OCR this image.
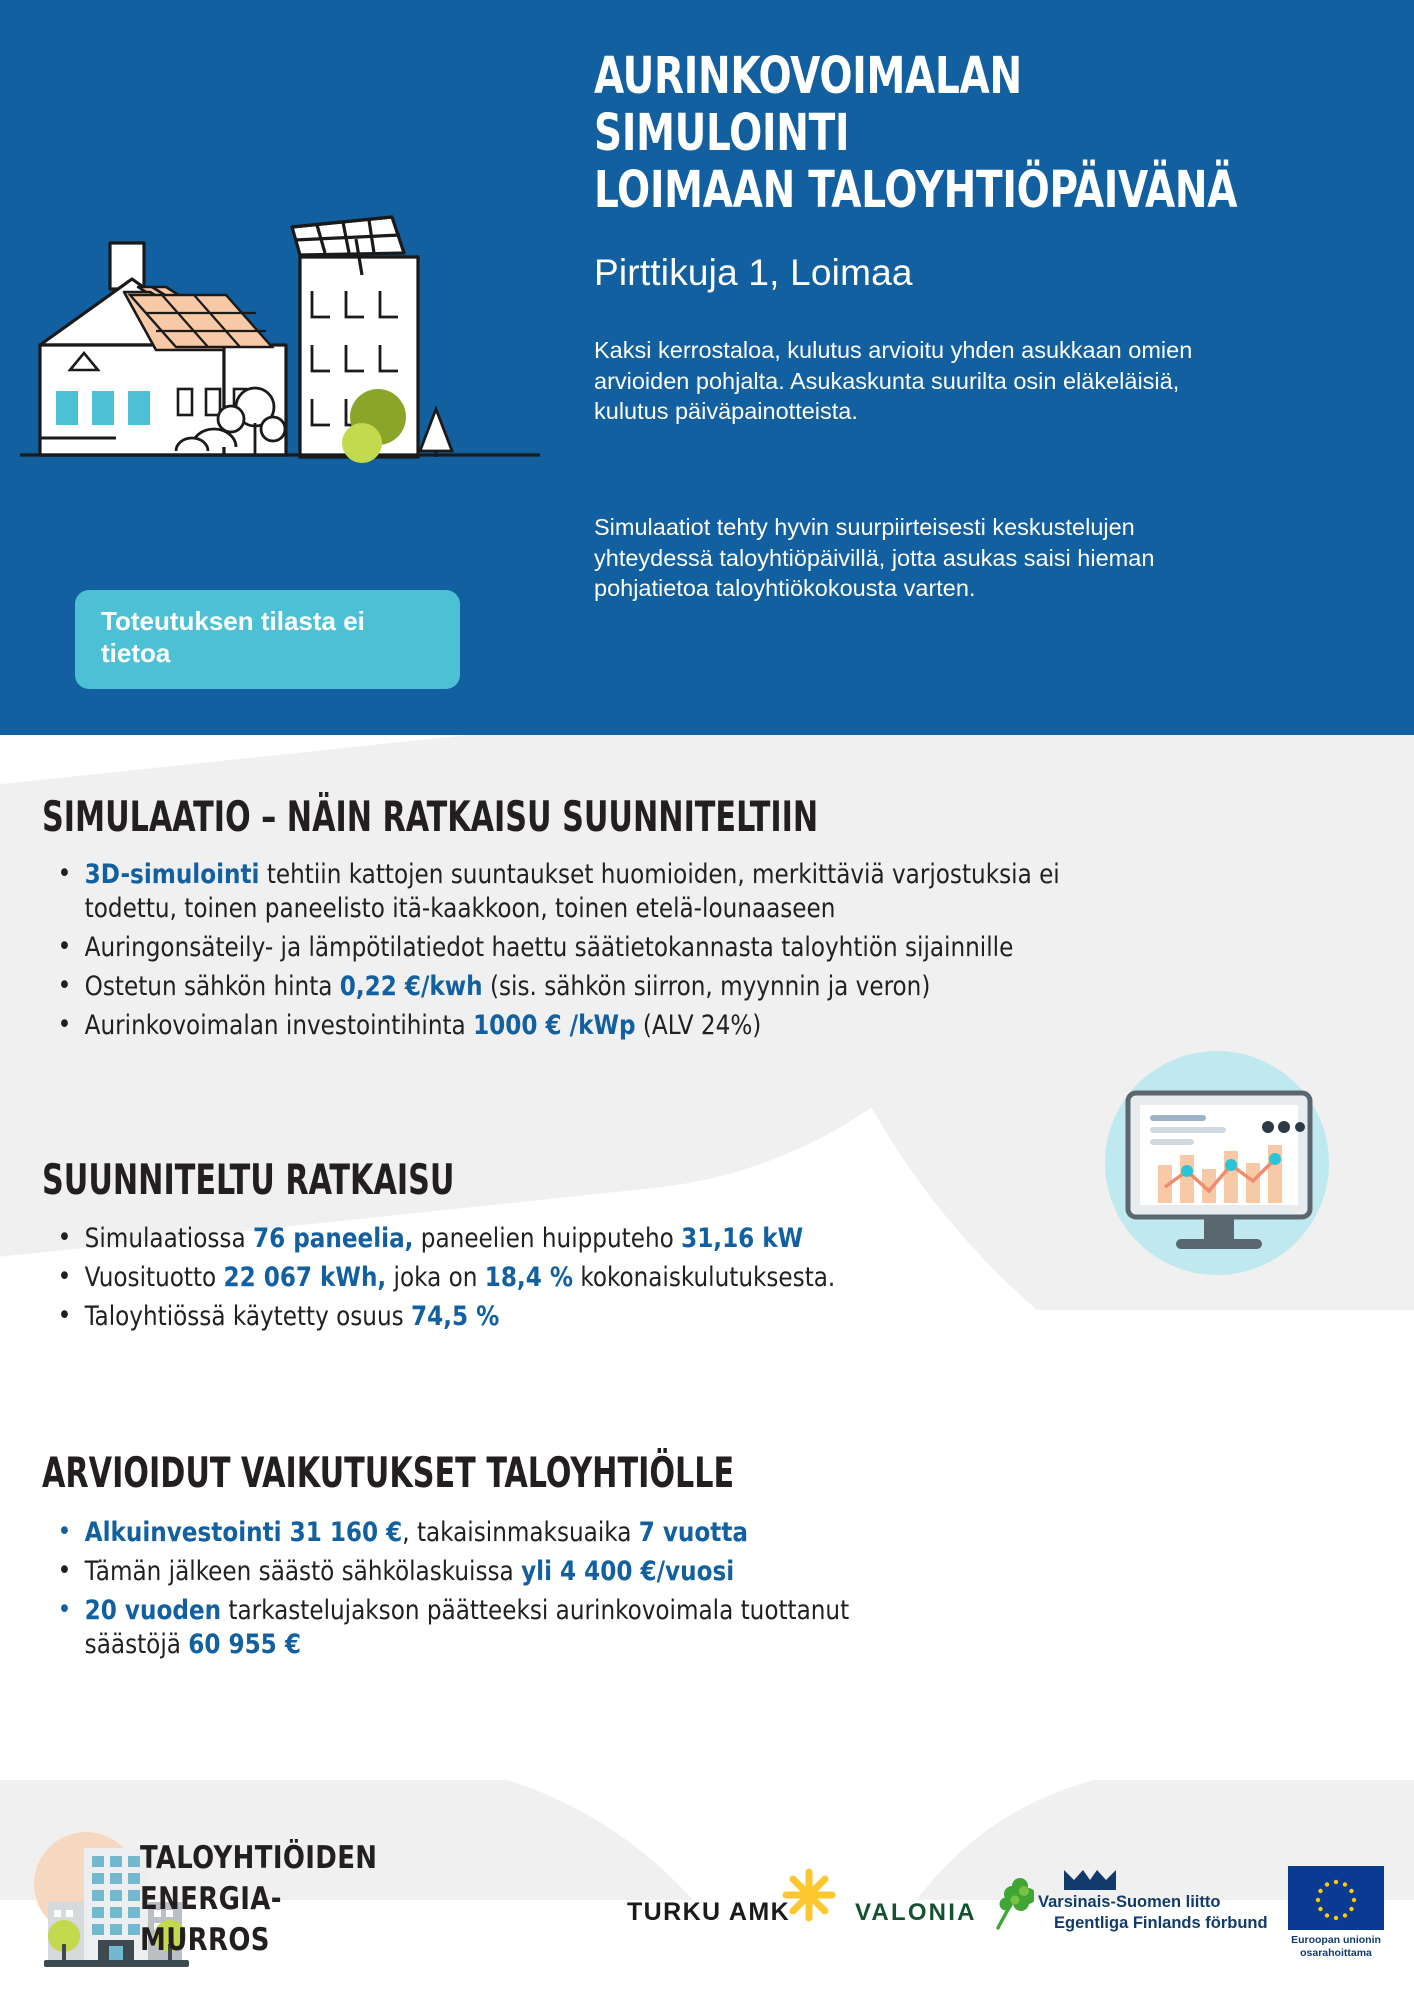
AURINKOVOIMALAN SIMULOINTI
LOIMAAN TALOYHTIÖPÄIVÄNÄ
Pirttikuja 1, Loimaa
Kaksi kerrostaloa, kulutus arvioitu yhden asukkaan omien arvioiden pohjalta. Asukaskunta suurilta osin eläkeläisiä, kulutus päiväpainotteista.
Simulaatiot tehty hyvin suurpiirteisesti keskustelujen yhteydessä taloyhtiöpäivillä, jotta asukas saisi hieman pohjatietoa taloyhtiökokousta varten.
Toteutuksen tilasta ei tietoa
SIMULAATIO – NÄIN RATKAISU SUUNNITELTIIN
• 3D-simulointi tehtiin kattojen suuntaukset huomioiden, merkittäviä varjostuksia ei todettu, toinen paneelisto itä-kaakkoon, toinen etelä-lounaaseen
• Auringonsäteily- ja lämpötilatiedot haettu säätietokannasta taloyhtiön sijainnille
• Ostetun sähkön hinta 0,22 €/kwh (sis. sähkön siirron, myynnin ja veron)
• Aurinkovoimalan investointihinta 1000 € /kWp (ALV 24%)
SUUNNITELTU RATKAISU
• Simulaatiossa 76 paneelia, paneelien huipputeho 31,16 kW
• Vuosituotto 22 067 kWh, joka on 18,4 % kokonaiskulutuksesta.
• Taloyhtiössä käytetty osuus 74,5 %
ARVIOIDUT VAIKUTUKSET TALOYHTIÖLLE
• Alkuinvestointi 31 160 €, takaisinmaksuaika 7 vuotta
• Tämän jälkeen säästö sähkölaskuissa yli 4 400 €/vuosi
• 20 vuoden tarkastelujakson päätteeksi aurinkovoimala tuottanut säästöjä 60 955 €
TALOYHTIÖIDEN
ENERGIA-
MURROS
TURKU AMK	VALONIA	Varsinais-Suomen liitto
Egentliga Finlands förbund
Euroopan unionin
osarahoittama
